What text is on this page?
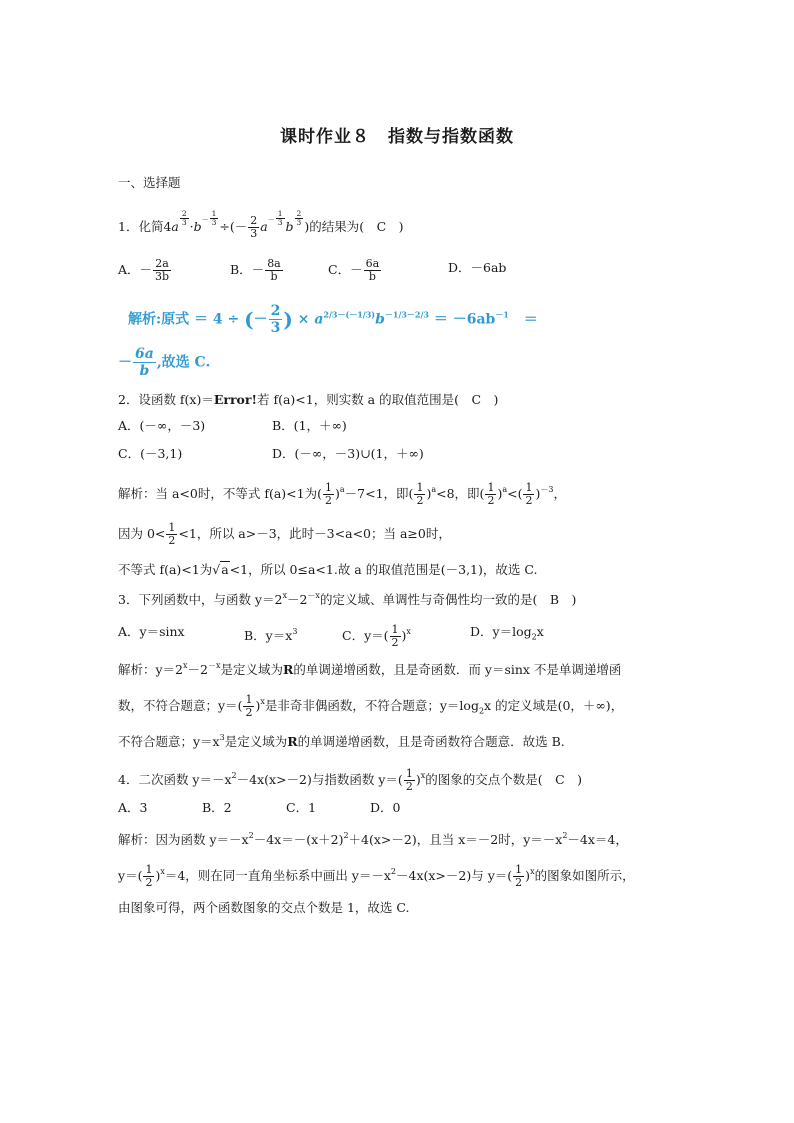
课时作业８　指数与指数函数
一、选择题
1．化简$4a \frac{2}{3} \cdot b^- \frac{1}{3}$ ÷(－ $\frac{2}{3} a^- \frac{1}{3}$ b $\frac{2}{3}$ )的结果为(　C　)
A．－ $\frac{2a}{3b}$	B．－ $\frac{8a}{b}$	C．－ $\frac{6a}{b}$	D．－6ab
解析:原式 ＝ 4 ÷ (－ $\frac{2}{3}$ ) × $a^{2/3-(-1/3)}b^{-1/3-2/3} = -6ab^{-1}$ ＝
－ $\frac{6a}{b}$ ,故选 C.
2．设函数 f(x)＝Error!若 f(a)<1，则实数 a 的取值范围是(　C　)
A．(－∞，－3)	B．(1，＋∞)
C．(－3,1)	D．(－∞，－3)∪(1，＋∞)
解析：当 a<0时，不等式 f(a)<1为( $\frac{1}{2} )^a-7<1$，即( $\frac{1}{2} )^a<8$，即( $\frac{1}{2} )^a<( \frac{1}{2} )^{-3}$，
因为 $0< \frac{1}{2} <1$，所以 a>－3，此时－3<a<0；当 a≥0时，
不等式 f(a)<1为√a<1，所以 0≤a<1.故 a 的取值范围是(－3,1)，故选 C.
3．下列函数中，与函数 $y=2^x-2^{-x}$的定义域、单调性与奇偶性均一致的是(　B　)
A．y＝sinx	B．$y=x^3$	C．$y=( \frac{1}{2} )^x$	D．$y=\log_2x$
解析：$y=2^x-2^{-x}$是定义域为R的单调递增函数，且是奇函数．而 y＝sinx 不是单调递增函
数，不符合题意；$y=( \frac{1}{2} )^x$是非奇非偶函数，不符合题意；$y=\log_2x$ 的定义域是(0，＋∞)，
不符合题意；$y=x^3$是定义域为R的单调递增函数，且是奇函数符合题意．故选 B.
4．二次函数 $y=-x^2-4x(x>-2)$与指数函数 $y=( \frac{1}{2} )^x$的图象的交点个数是(　C　)
A．3	B．2	C．1	D．0
解析：因为函数 $y=-x^2-4x=-(x+2)^2+4(x>-2)$，且当 x＝－2时，$y=-x^2-4x=4$，
$y=( \frac{1}{2} )^x=4$，则在同一直角坐标系中画出 $y=-x^2-4x(x>-2)$与 $y=( \frac{1}{2} )^x$的图象如图所示，
由图象可得，两个函数图象的交点个数是 1，故选 C.
